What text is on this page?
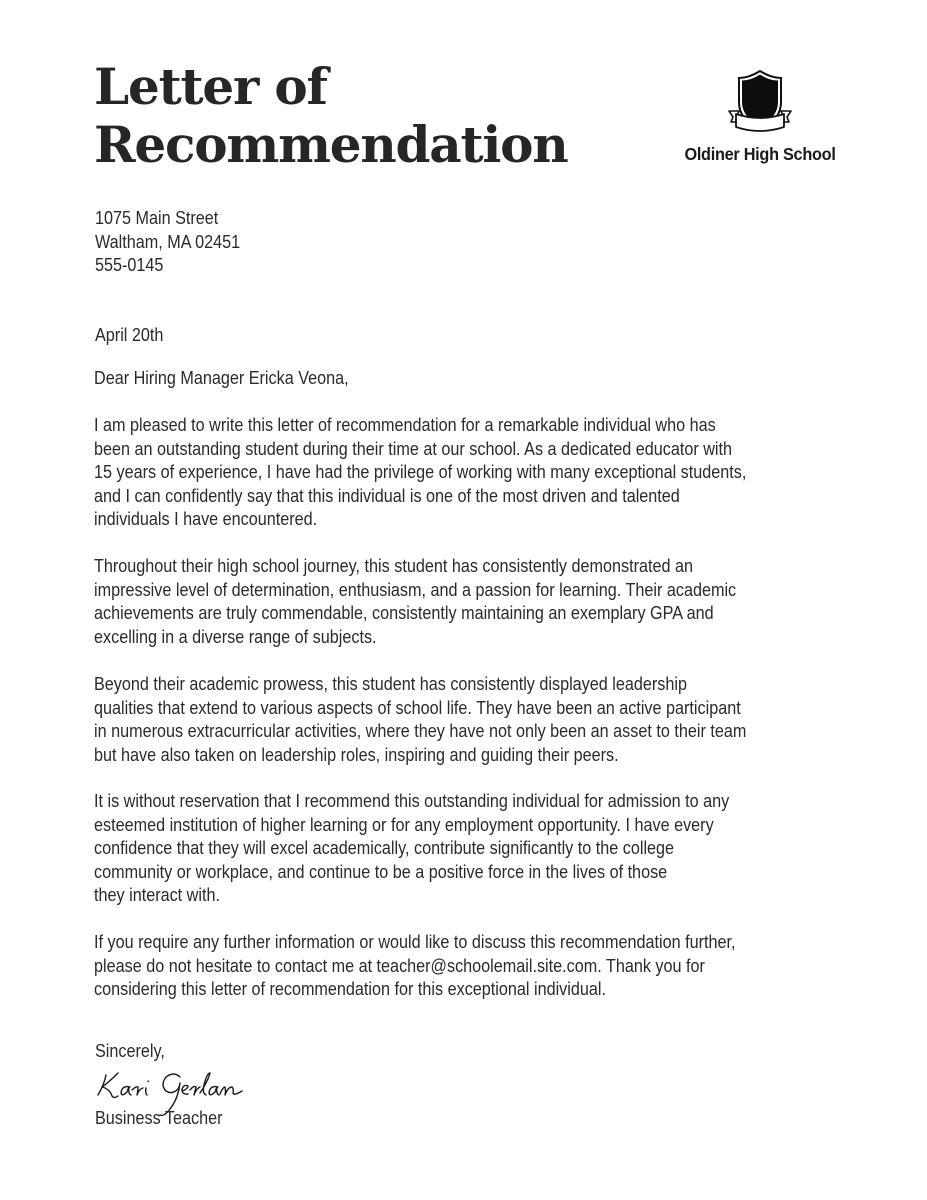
Letter of
Recommendation	Oldiner High School
1075 Main Street
Waltham, MA 02451
555-0145
April 20th
Dear Hiring Manager Ericka Veona,
I am pleased to write this letter of recommendation for a remarkable individual who has
been an outstanding student during their time at our school. As a dedicated educator with
15 years of experience, I have had the privilege of working with many exceptional students,
and I can confidently say that this individual is one of the most driven and talented
individuals I have encountered.
Throughout their high school journey, this student has consistently demonstrated an
impressive level of determination, enthusiasm, and a passion for learning. Their academic
achievements are truly commendable, consistently maintaining an exemplary GPA and
excelling in a diverse range of subjects.
Beyond their academic prowess, this student has consistently displayed leadership
qualities that extend to various aspects of school life. They have been an active participant
in numerous extracurricular activities, where they have not only been an asset to their team
but have also taken on leadership roles, inspiring and guiding their peers.
It is without reservation that I recommend this outstanding individual for admission to any
esteemed institution of higher learning or for any employment opportunity. I have every
confidence that they will excel academically, contribute significantly to the college
community or workplace, and continue to be a positive force in the lives of those
they interact with.
If you require any further information or would like to discuss this recommendation further,
please do not hesitate to contact me at teacher@schoolemail.site.com. Thank you for
considering this letter of recommendation for this exceptional individual.
Sincerely,
Business Teacher
